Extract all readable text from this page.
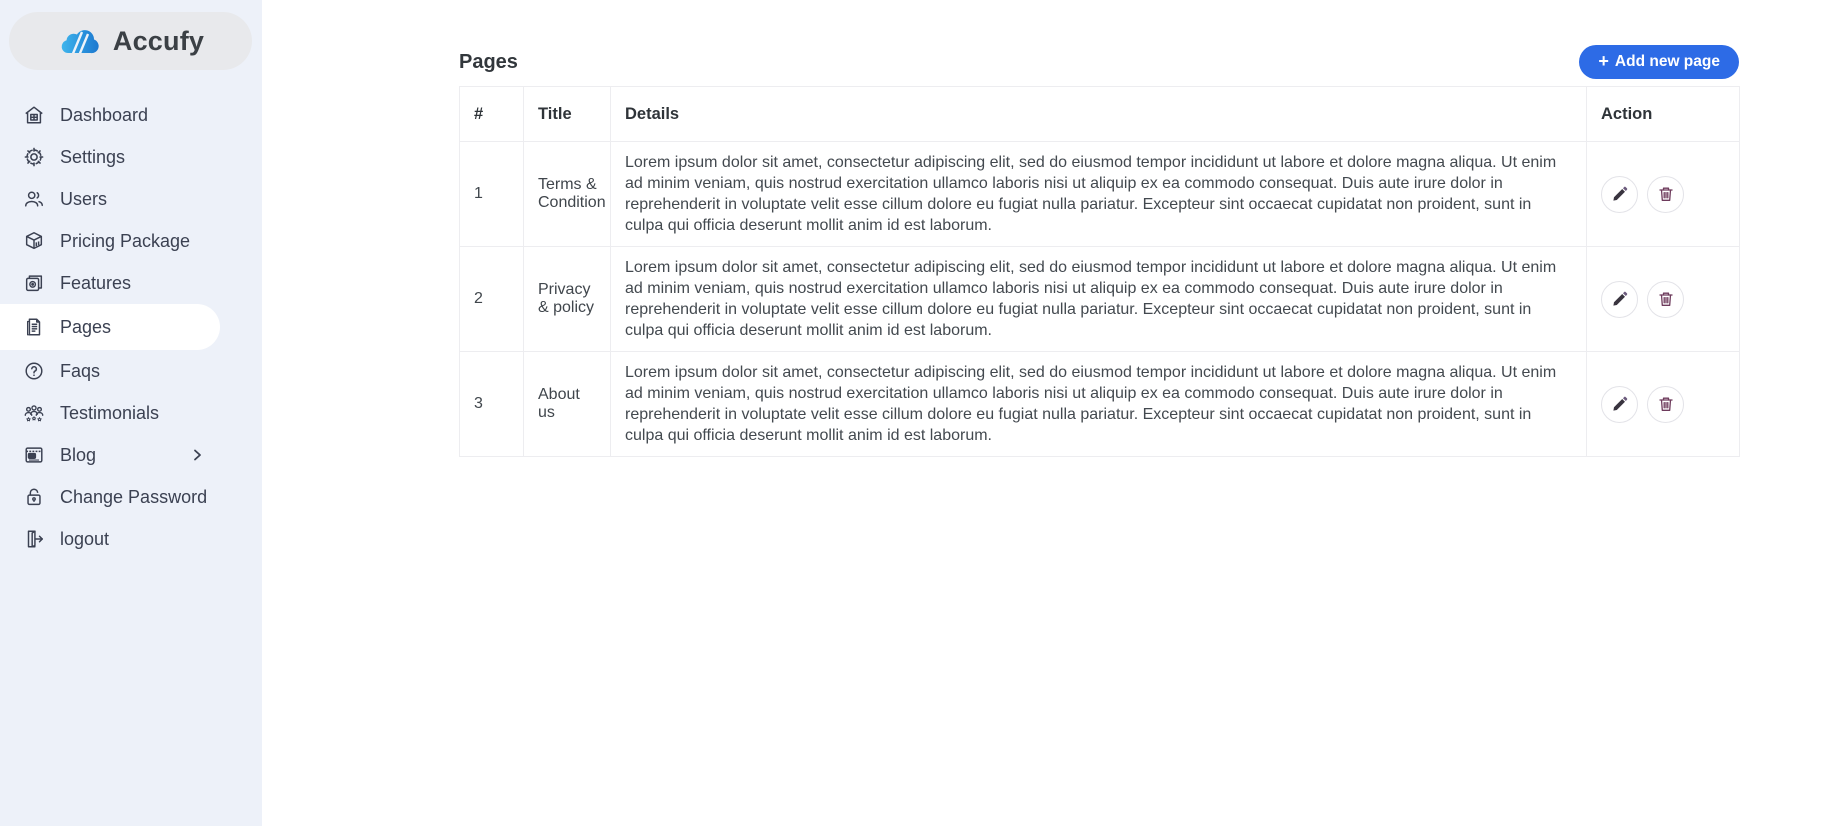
Accufy
Dashboard
Settings
Users
Pricing Package
Features
Pages
Faqs
Testimonials
Blog
Change Password
logout
Pages	+ Add new page
#	Title	Details	Action
1	Terms & Condition	Lorem ipsum dolor sit amet, consectetur adipiscing elit, sed do eiusmod tempor incididunt ut labore et dolore magna aliqua. Ut enim ad minim veniam, quis nostrud exercitation ullamco laboris nisi ut aliquip ex ea commodo consequat. Duis aute irure dolor in reprehenderit in voluptate velit esse cillum dolore eu fugiat nulla pariatur. Excepteur sint occaecat cupidatat non proident, sunt in culpa qui officia deserunt mollit anim id est laborum.	

2	Privacy & policy	Lorem ipsum dolor sit amet, consectetur adipiscing elit, sed do eiusmod tempor incididunt ut labore et dolore magna aliqua. Ut enim ad minim veniam, quis nostrud exercitation ullamco laboris nisi ut aliquip ex ea commodo consequat. Duis aute irure dolor in reprehenderit in voluptate velit esse cillum dolore eu fugiat nulla pariatur. Excepteur sint occaecat cupidatat non proident, sunt in culpa qui officia deserunt mollit anim id est laborum.	

3	About us	Lorem ipsum dolor sit amet, consectetur adipiscing elit, sed do eiusmod tempor incididunt ut labore et dolore magna aliqua. Ut enim ad minim veniam, quis nostrud exercitation ullamco laboris nisi ut aliquip ex ea commodo consequat. Duis aute irure dolor in reprehenderit in voluptate velit esse cillum dolore eu fugiat nulla pariatur. Excepteur sint occaecat cupidatat non proident, sunt in culpa qui officia deserunt mollit anim id est laborum.	
